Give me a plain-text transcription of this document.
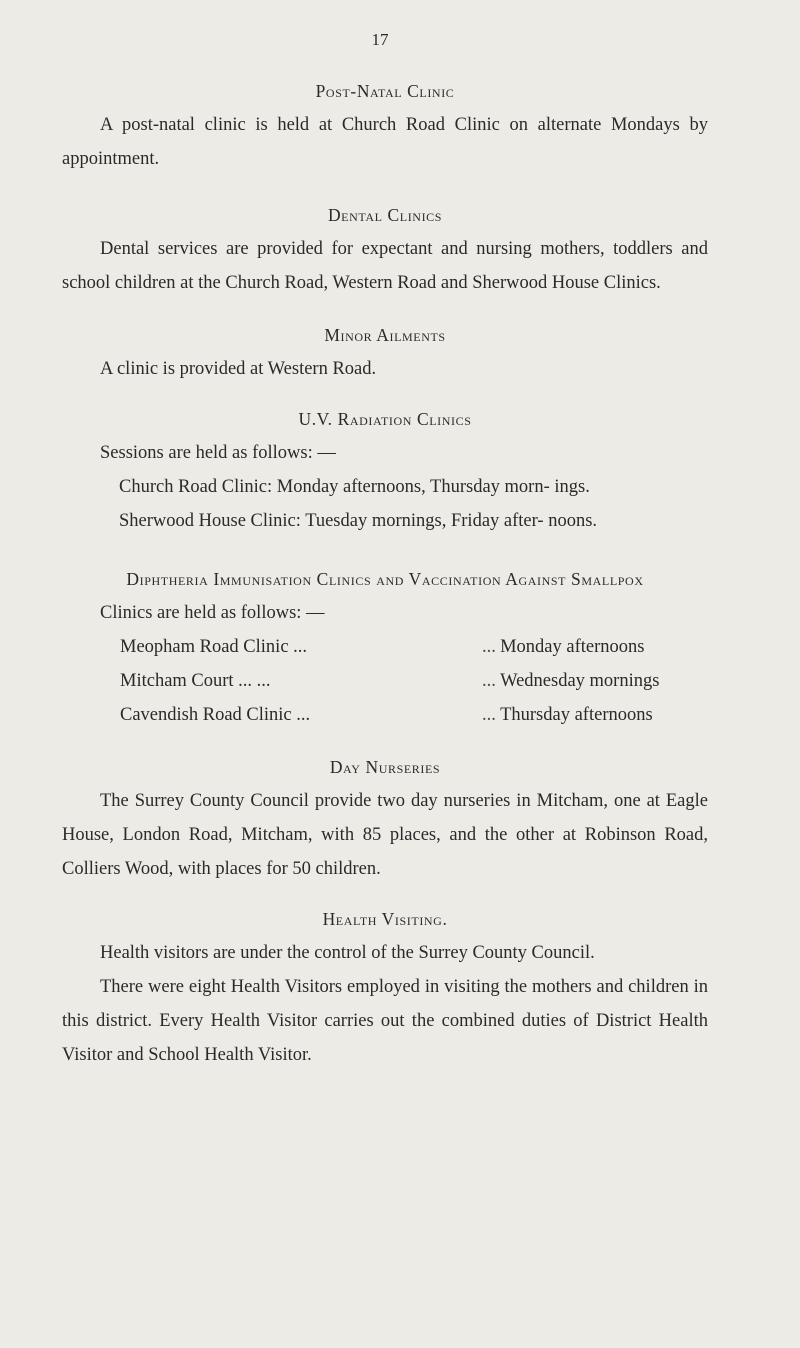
17

Post-Natal Clinic

A post-natal clinic is held at Church Road Clinic on alternate Mondays by appointment.

Dental Clinics

Dental services are provided for expectant and nursing mothers, toddlers and school children at the Church Road, Western Road and Sherwood House Clinics.

Minor Ailments

A clinic is provided at Western Road.

U.V. Radiation Clinics

Sessions are held as follows: —

Church Road Clinic: Monday afternoons, Thursday morn- ings.

Sherwood House Clinic: Tuesday mornings, Friday after- noons.

Diphtheria Immunisation Clinics and Vaccination Against Smallpox

Clinics are held as follows: —

Meopham Road Clinic ...	...	Monday afternoons
Mitcham Court ... ...	...	Wednesday mornings
Cavendish Road Clinic ...	...	Thursday afternoons

Day Nurseries

The Surrey County Council provide two day nurseries in Mitcham, one at Eagle House, London Road, Mitcham, with 85 places, and the other at Robinson Road, Colliers Wood, with places for 50 children.

Health Visiting.

Health visitors are under the control of the Surrey County Council.

There were eight Health Visitors employed in visiting the mothers and children in this district. Every Health Visitor carries out the combined duties of District Health Visitor and School Health Visitor.
